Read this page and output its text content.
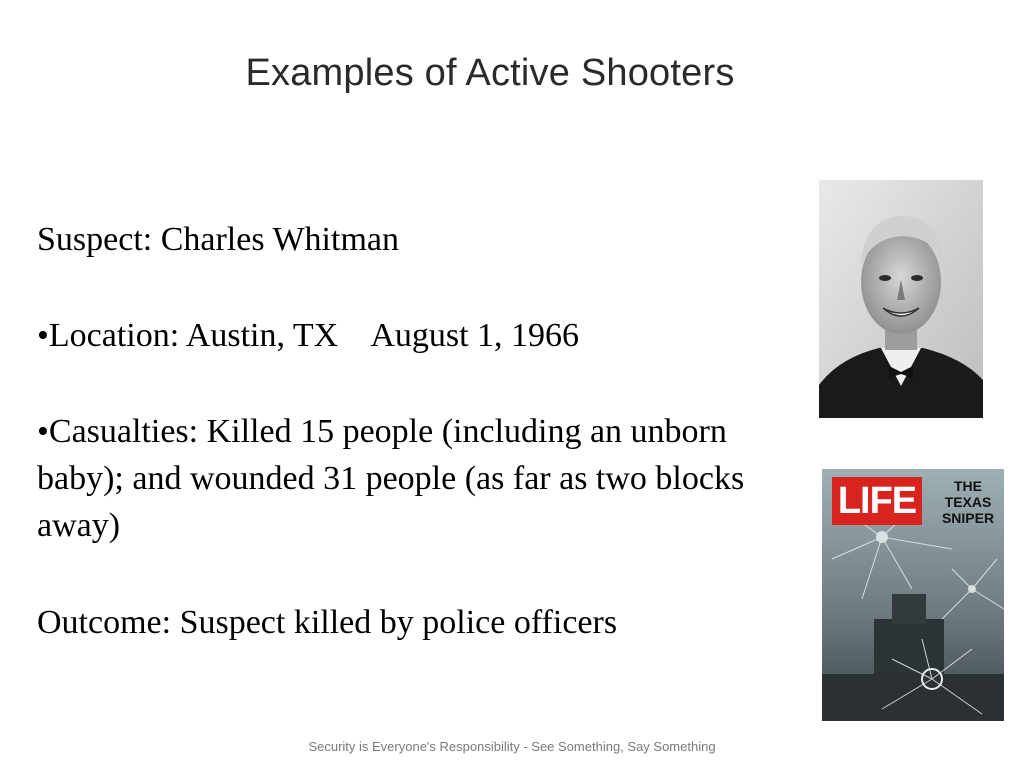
Examples of Active Shooters
Suspect: Charles Whitman
•Location: Austin, TX    August 1, 1966
•Casualties: Killed 15 people (including an unborn baby); and wounded 31 people (as far as two blocks away)
Outcome: Suspect killed by police officers
LIFE	THE
TEXAS
SNIPER
Security is Everyone's Responsibility - See Something, Say Something
